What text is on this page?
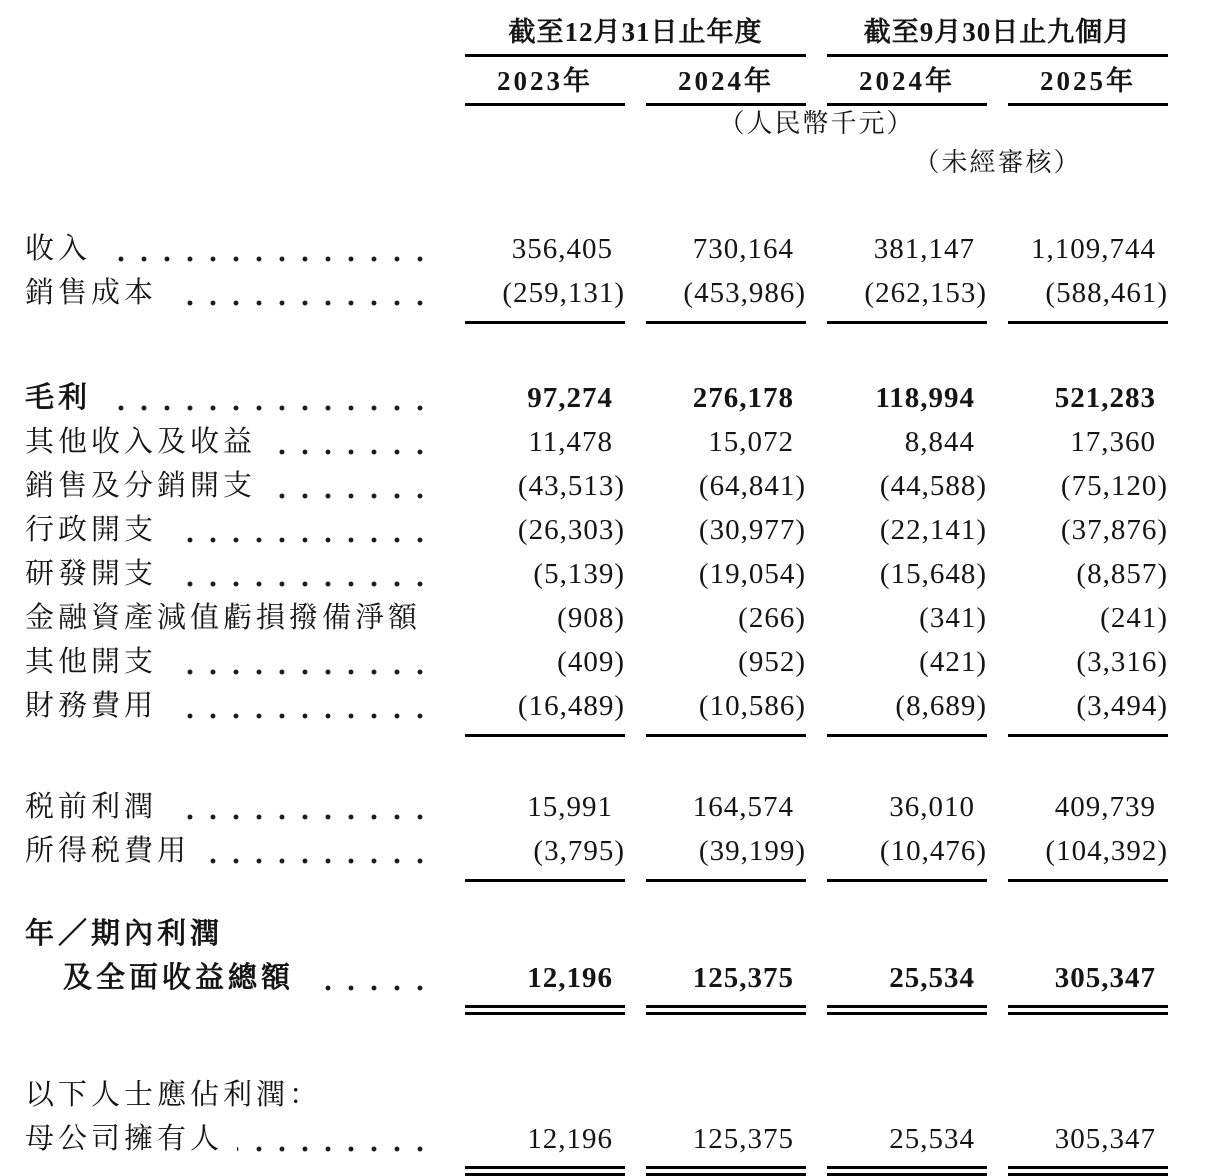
截至12月31日止年度	截至9月30日止九個月
2023年	2024年	2024年	2025年
（人民幣千元）
（未經審核）
收入	356,405	730,164	381,147	1,109,744
銷售成本	(259,131)	(453,986)	(262,153)	(588,461)
毛利	97,274	276,178	118,994	521,283
其他收入及收益	11,478	15,072	8,844	17,360
銷售及分銷開支	(43,513)	(64,841)	(44,588)	(75,120)
行政開支	(26,303)	(30,977)	(22,141)	(37,876)
研發開支	(5,139)	(19,054)	(15,648)	(8,857)
金融資產減值虧損撥備淨額	(908)	(266)	(341)	(241)
其他開支	(409)	(952)	(421)	(3,316)
財務費用	(16,489)	(10,586)	(8,689)	(3,494)
税前利潤	15,991	164,574	36,010	409,739
所得税費用	(3,795)	(39,199)	(10,476)	(104,392)
年／期內利潤
及全面收益總額	12,196	125,375	25,534	305,347
以下人士應佔利潤：
母公司擁有人	12,196	125,375	25,534	305,347
